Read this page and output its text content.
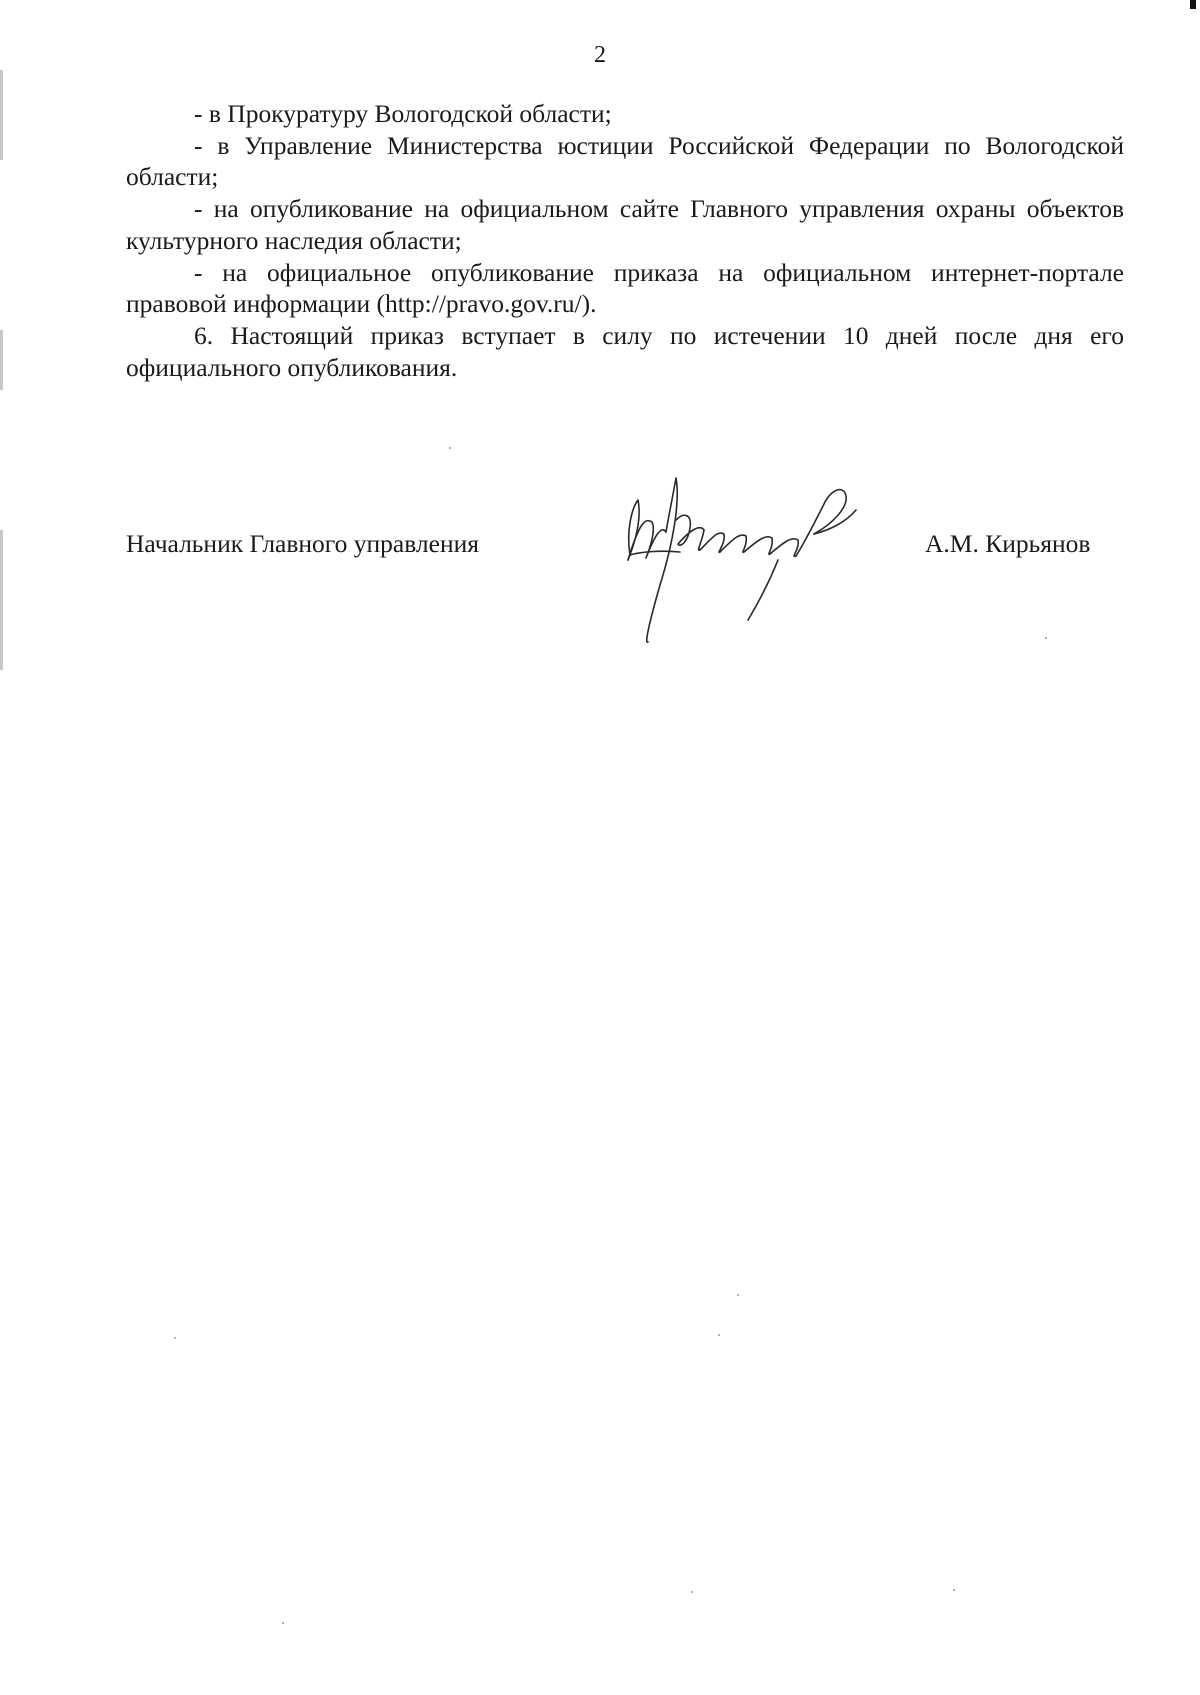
2

- в Прокуратуру Вологодской области;

- в Управление Министерства юстиции Российской Федерации по Вологодской области;

- на опубликование на официальном сайте Главного управления охраны объектов культурного наследия области;

- на официальное опубликование приказа на официальном интернет-портале правовой информации (http://pravo.gov.ru/).

6. Настоящий приказ вступает в силу по истечении 10 дней после дня его официального опубликования.

Начальник Главного управления	А.М. Кирьянов
